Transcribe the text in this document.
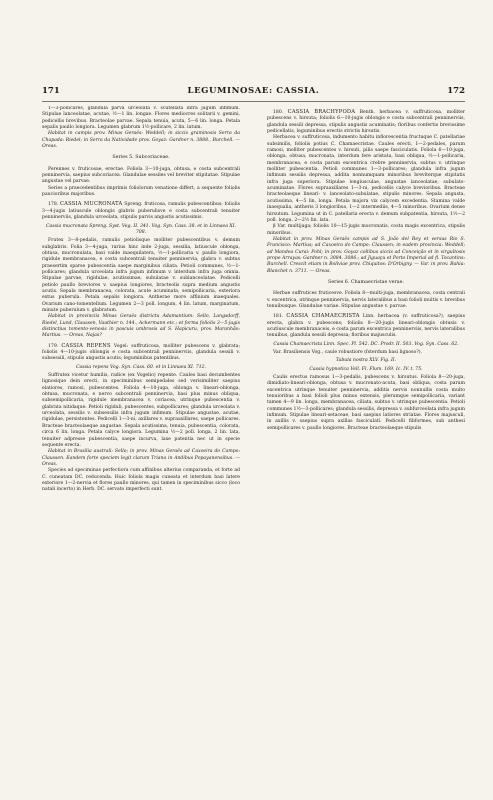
171	LEGUMINOSAE: CASSIA.	172

1—3-pollicares, glandula parva urceolata v. scutellata infra jugum infimum. Stipulae lanceolatae, acutae, ½—1 lin. longae. Flores mediocres solitarii v. gemini, pedicellis brevibus. Bracteolae parvae. Sepala tenuia, acuta, 5—6 lin. longa. Petala sepalis paullo longiora. Legumen glabrum 1½-pollicare, 2 lin. latum.

Habitat in campis prov. Minas Geraës: Weddell; in siccis graminosis Serra da Chapada: Riedel; in Serra da Natividade prov. Goyaz: Gardner n. 3888., Burchell. — Oreas.

Series 5. Subcoriaceae.

Perennes v. fruticosae, erectae. Foliola 3—10-juga, obtusa, e costa subcentrali penninervia, saepius subcoriacea. Glandulae sessiles vel breviter stipitatae. Stipulae angustae vel parvae.

Series a praecedentibus imprimis foliolorum venatione differt, a sequente foliolis paucioribus majoribus.

178. CASSIA MUCRONATA Spreng. fruticosa, ramulis pubescentibus; foliolis 3—4-jugis latiuscule oblongis glabris puberulisve e costa subcentrali tenuiter penninerviis, glandula urceolata, stipulis parvis angustis acutissimis.

Cassia mucronata Spreng. Syst. Veg. II. 341. Vog. Syn. Cass. 38. et in Linnaea XI. 708.

Frutex 3—8-pedalis, ramulis petiolisque molliter pubescentibus v. demum subglabris. Folia 3—4-juga, rarius hinc inde 2-juga, sessilia, latiuscule oblonga, obtusa, mucronulata, basi valde inaequilatera, ½—1-pollicaria v. paullo longiora, rigidule membranacea, e costa subcentrali tenuiter penninervia, glabra v. subtus praesertim sparse pubescentia saepe marginibus ciliata. Petioli communes, ½—1-pollicares; glandula urceolata infra jugum infimum v. interdum infra juga omnia. Stipulae parvae, rigidulae, acutissimae, subulatae v. sublanceolatae. Pedicelli petiolo paullo breviores v. saepius longiores, bracteolis supra medium angustis acutis. Sepala membranacea, colorata, acute acuminata, semipollicaria, exteriora extus puberula. Petala sepalis longiora. Antherae more affinium inaequales. Ovarium cano-tomentellum. Legumen 2—3 poll. longum, 4 lin. latum, marginatum, minute puberulum v. glabratum.

Habitat in provinciis Minas Geraës districtu Adamantium: Sello, Langsdorff, Riedel, Lund, Claussen, Vauthier n. 144., Ackermann etc.; et forma foliolis 3—5-jugis distinctius tomento-venosis in pascuis umbrosis ad S. Hapicuru, prov. Maranhão: Martius. — Oreas, Najas?

179. CASSIA REPENS Vogel: suffruticosa, molliter pubescens v. glabrata; foliolis 4—10-jugis oblongis e costa subcentrali penninerviis, glandula sessili v. subsessili, stipulis angustis acutis; leguminibus patentibus.

Cassia repens Vog. Syn. Cass. 60. et in Linnaea XI. 712.

Suffrutex vicetur humilis, radice (ex Vogelio) repente. Caules basi decumbentes lignosique dein erecti, in speciminibus semipedales sed verisimiliter saepius elatiores, ramosi, pubescentes. Foliola 4—10-juga, oblonga v. lineari-oblonga, obtusa, mucronata, e nervo subcentrali penninervia, basi plus minus obliqua, subsemipollicaria, rigidule membranacea v. coriacea, utrinque pubescentia v. glabrata nitidaque. Petioli rigiduli, pubescentes, subpollicares; glandula urceolata v. urceolata, sessilis v. subsessilis infra jugum infimum. Stipulae angustae, acutae, rigidulae, persistentes. Pedicelli 1—3-ni, axillares v. supraaxillares, saepe pollicares. Bracteae bracteolaeque angustae. Sepala acutissima, tenuia, pubescentia, colorata, circa 6 lin. longa. Petala calyce longiora. Legumina ½—2 poll. longa, 2 lin. lata, tenuiter adpresse pubescentia, saepe incurva, laxe patentia nec ut in specie sequente erecta.

Habitat in Brasilia australi: Sello; in prov. Minas Geraës ad Caxoeira do Campo: Claussen. Eandem forte speciem legit clarum Triana in Andibus Popayanensibus. — Oreas.

Species ad speciminas perfectiora cum affinibus alterius comparanda, et forte ad C. cuneatam DC. reducenda. Huic foliola magis cuneata et interdum basi latere exteriore 1—2-nervia et flores paullo minores, qui tamen in speciminibus sicco (loco natali incerto) in Herb. DC. servato imperfecti sunt.

180. CASSIA BRACHYPODA Benth. herbacea v. suffruticosa, molliter pubescens v. hirsuta; foliolis 6—10-jugis oblongis e costa subcentrali penninerviis, glandula sessili depressa, stipulis angustis acuminatis; floribus confertis brevissime pedicellatis, leguminibus erectis strictis hirsutis.

Herbacea v. suffruticosa, indumento habitu inflorescentia fructuque C. patellariae subsimilis, foliolis potius C. Chamaecristae. Caules erecti, 1—2-pedales, parum ramosi, molliter pubescentes v. hirsuti, pilis saepe fasciculatis. Foliola 6—10-juga, oblonga, obtusa, mucronata, interdum fere aristata, basi obliqua, ½—1-pollicaria, membranacea, e costa parum excentrica crebre penninervia, subtus v. utrinque molliter pubescentia. Petioli communes 1—3-pollicares; glandula infra jugum infimum sessilis depressa, addita nonnumquam minoribus breviterque stipitatis infra juga superiora. Stipulae longiusculae, angustae lanceolatae, subulato-acuminatae. Flores supraaxillares 1—3-ni, pedicellis calyce brevioribus. Bracteae bracteolaeque lineari- v. lanceolato-subulatae, stipulis minores. Sepala angusta, acutissima, 4—5 lin. longa. Petala majora vix calycem excedentia. Stamina valde inaequalia, antheris 3 longioribus, 1—2 intermediis, 4—5 minoribus. Ovarium dense hirsutum. Legumina ut in C. patellaria erecta v. demum subpatentia, hirsuta, 1½—2 poll. longa, 2—2½ lin. lata.

β Var. multijuga; foliolis 10—15-jugis mucronatis, costa magis excentrica, stipulis minoribus.

Habitat in prov. Minas Geraës campis ad S. João del Rey et versus Rio S. Francisco: Martius; ad Caxoeira do Campo: Claussen; in eadem provincia: Weddell; ad Mandea Curai: Pohl; in prov. Goyaz collibus siccis ad Conceição et in virgultosis prope Arrayas: Gardner n. 3084. 3086.; ad Jiguaçu et Porto Imperial ad fl. Tocantins: Burchell. Crescit etiam in Boliviae prov. Chiquitos: D'Orbigny. — Var. in prov. Bahia: Blanchet n. 3711. — Oreas.

Series 6. Chamaecristae verae.

Herbae suffrutices fruticesve. Foliola 8—multi-juga, membranacea, costa centrali v. excentrica, utrinque penninervia, nervis lateralibus a basi folioli multis v. brevibus tenuibusque. Glandulae variae. Stipulae angustae v. parvae.

181. CASSIA CHAMAECRISTA Linn. herbacea (v. suffruticosa?), saepius erecta, glabra v. pubescens; foliolis 8—20-jugis lineari-oblongis obtusis v. acutiuscule membranaceis, e costa parum excentrica penninerviis, nervis lateralibus tenuibus, glandula sessili depressa; floribus majusculis.

Cassia Chamaecrista Linn. Spec. Pl. 542. DC. Prodr. II. 503. Vog. Syn. Cass. 62.

Var. Brasiliensis Vog., caule robustiore (fsterdum basi lignoso?).

Tabula nostra XLV. Fig. II.

Cassia hypnotica Vell. Fl. Flum. 169. Ic. IV. t. 75.

Caulis erectus ramosus 1—3-pedalis, pubescens v. hirsutus. Foliola 8—20-juga, dimidiato-lineari-oblonga, obtusa v. mucronato-acuta, basi obliqua, costa parum excentrica utrinque tenuiter penninervia, additis nervis nonnullis costa multo tenuioribus a basi folioli plus minus extensis, plerumque semipollicaria, variant tamen 4—9 lin. longa, membranacea, ciliata, subtus v. utrinque pubescentia. Petioli communes 1½—3-pollicares; glandula sessilis, depressa v. subfurceolata infra jugum infimum. Stipulae lineari-setaceae, basi saepius latiores striatae. Flores majusculi, in axillis v. saepius supra axillas fasciculati. Pedicelli filiformes, sub anthesi semipollicares v. paullo longiores. Bracteae bracteolaeque stipulis
